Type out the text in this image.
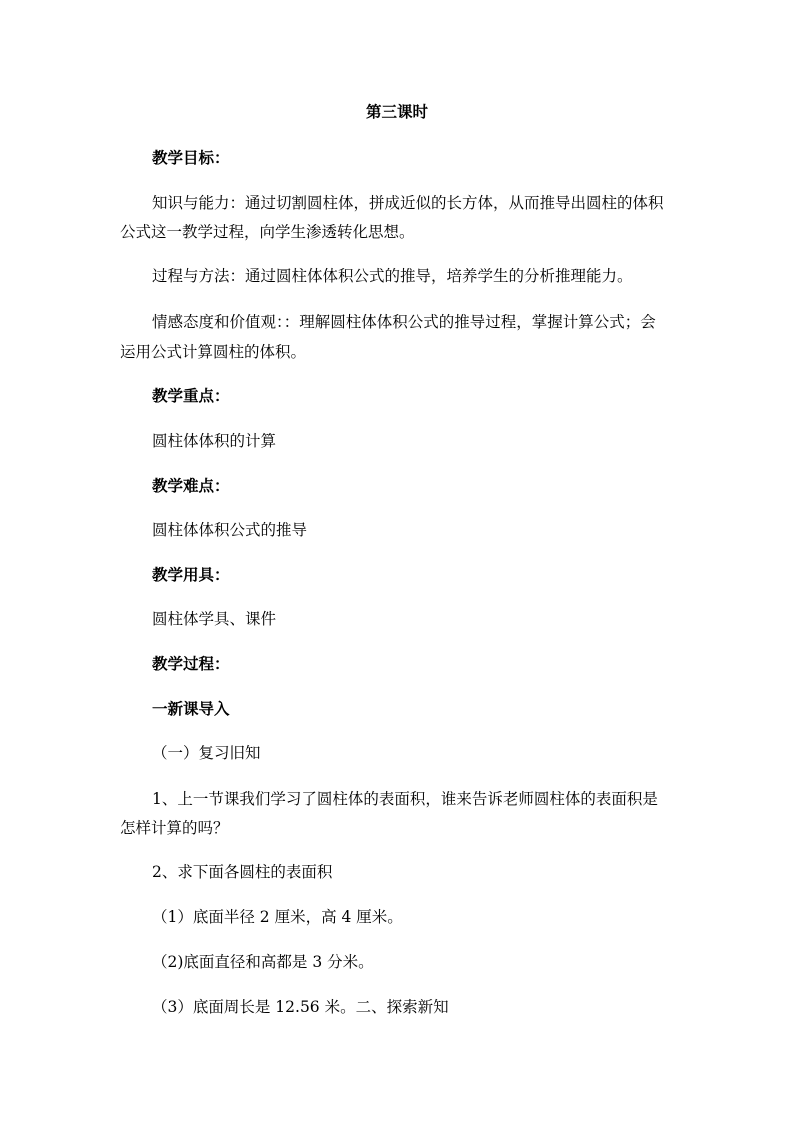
第三课时

教学目标：

知识与能力：通过切割圆柱体，拼成近似的长方体，从而推导出圆柱的体积

公式这一教学过程，向学生渗透转化思想。

过程与方法：通过圆柱体体积公式的推导，培养学生的分析推理能力。

情感态度和价值观：：理解圆柱体体积公式的推导过程，掌握计算公式；会

运用公式计算圆柱的体积。

教学重点：

圆柱体体积的计算

教学难点：

圆柱体体积公式的推导

教学用具：

圆柱体学具、课件

教学过程：

一新课导入

（一）复习旧知

1、上一节课我们学习了圆柱体的表面积，谁来告诉老师圆柱体的表面积是

怎样计算的吗？

2、求下面各圆柱的表面积

（1）底面半径 2 厘米，高 4 厘米。

（2)底面直径和高都是 3 分米。

（3）底面周长是 12.56 米。二、探索新知
